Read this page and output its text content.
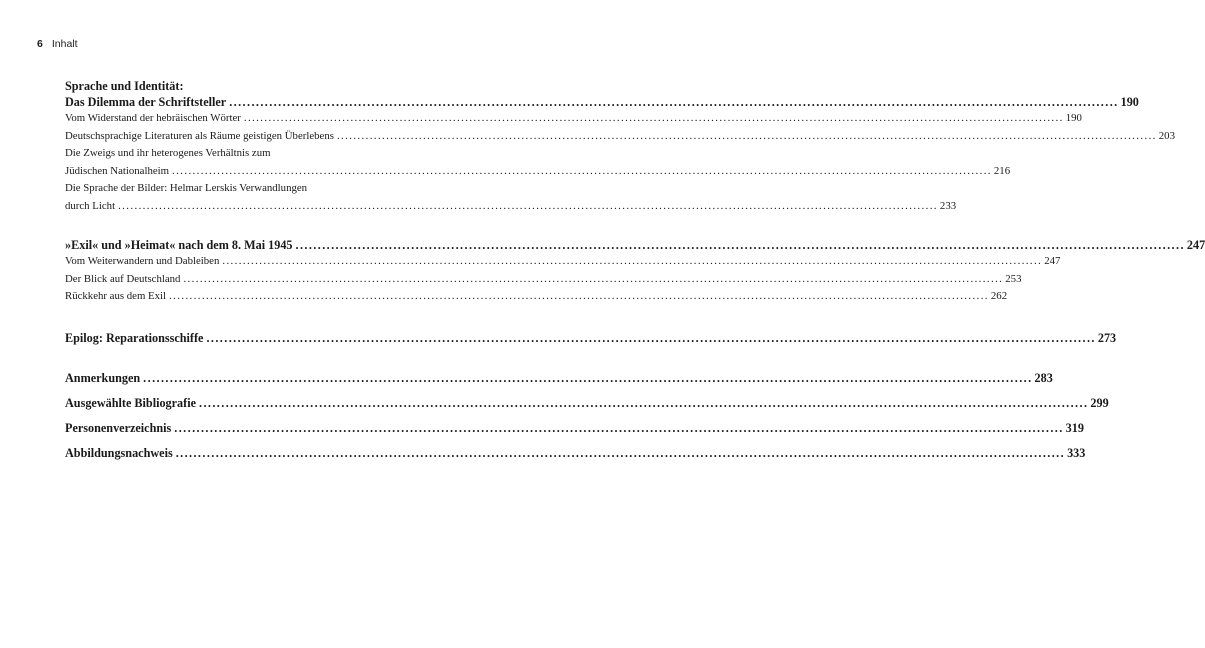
6 Inhalt
Sprache und Identität:
Das Dilemma der Schriftsteller ........................................................................................................................................................................................................ 190
Vom Widerstand der hebräischen Wörter ........................................................................................................................................................................................................ 190
Deutschsprachige Literaturen als Räume geistigen Überlebens ........................................................................................................................................................................................................ 203
Die Zweigs und ihr heterogenes Verhältnis zum
Jüdischen Nationalheim ........................................................................................................................................................................................................ 216
Die Sprache der Bilder: Helmar Lerskis Verwandlungen
durch Licht ........................................................................................................................................................................................................ 233
»Exil« und »Heimat« nach dem 8. Mai 1945 ........................................................................................................................................................................................................ 247
Vom Weiterwandern und Dableiben ........................................................................................................................................................................................................ 247
Der Blick auf Deutschland ........................................................................................................................................................................................................ 253
Rückkehr aus dem Exil ........................................................................................................................................................................................................ 262
Epilog: Reparationsschiffe ........................................................................................................................................................................................................ 273
Anmerkungen ........................................................................................................................................................................................................ 283
Ausgewählte Bibliografie ........................................................................................................................................................................................................ 299
Personenverzeichnis ........................................................................................................................................................................................................ 319
Abbildungsnachweis ........................................................................................................................................................................................................ 333
